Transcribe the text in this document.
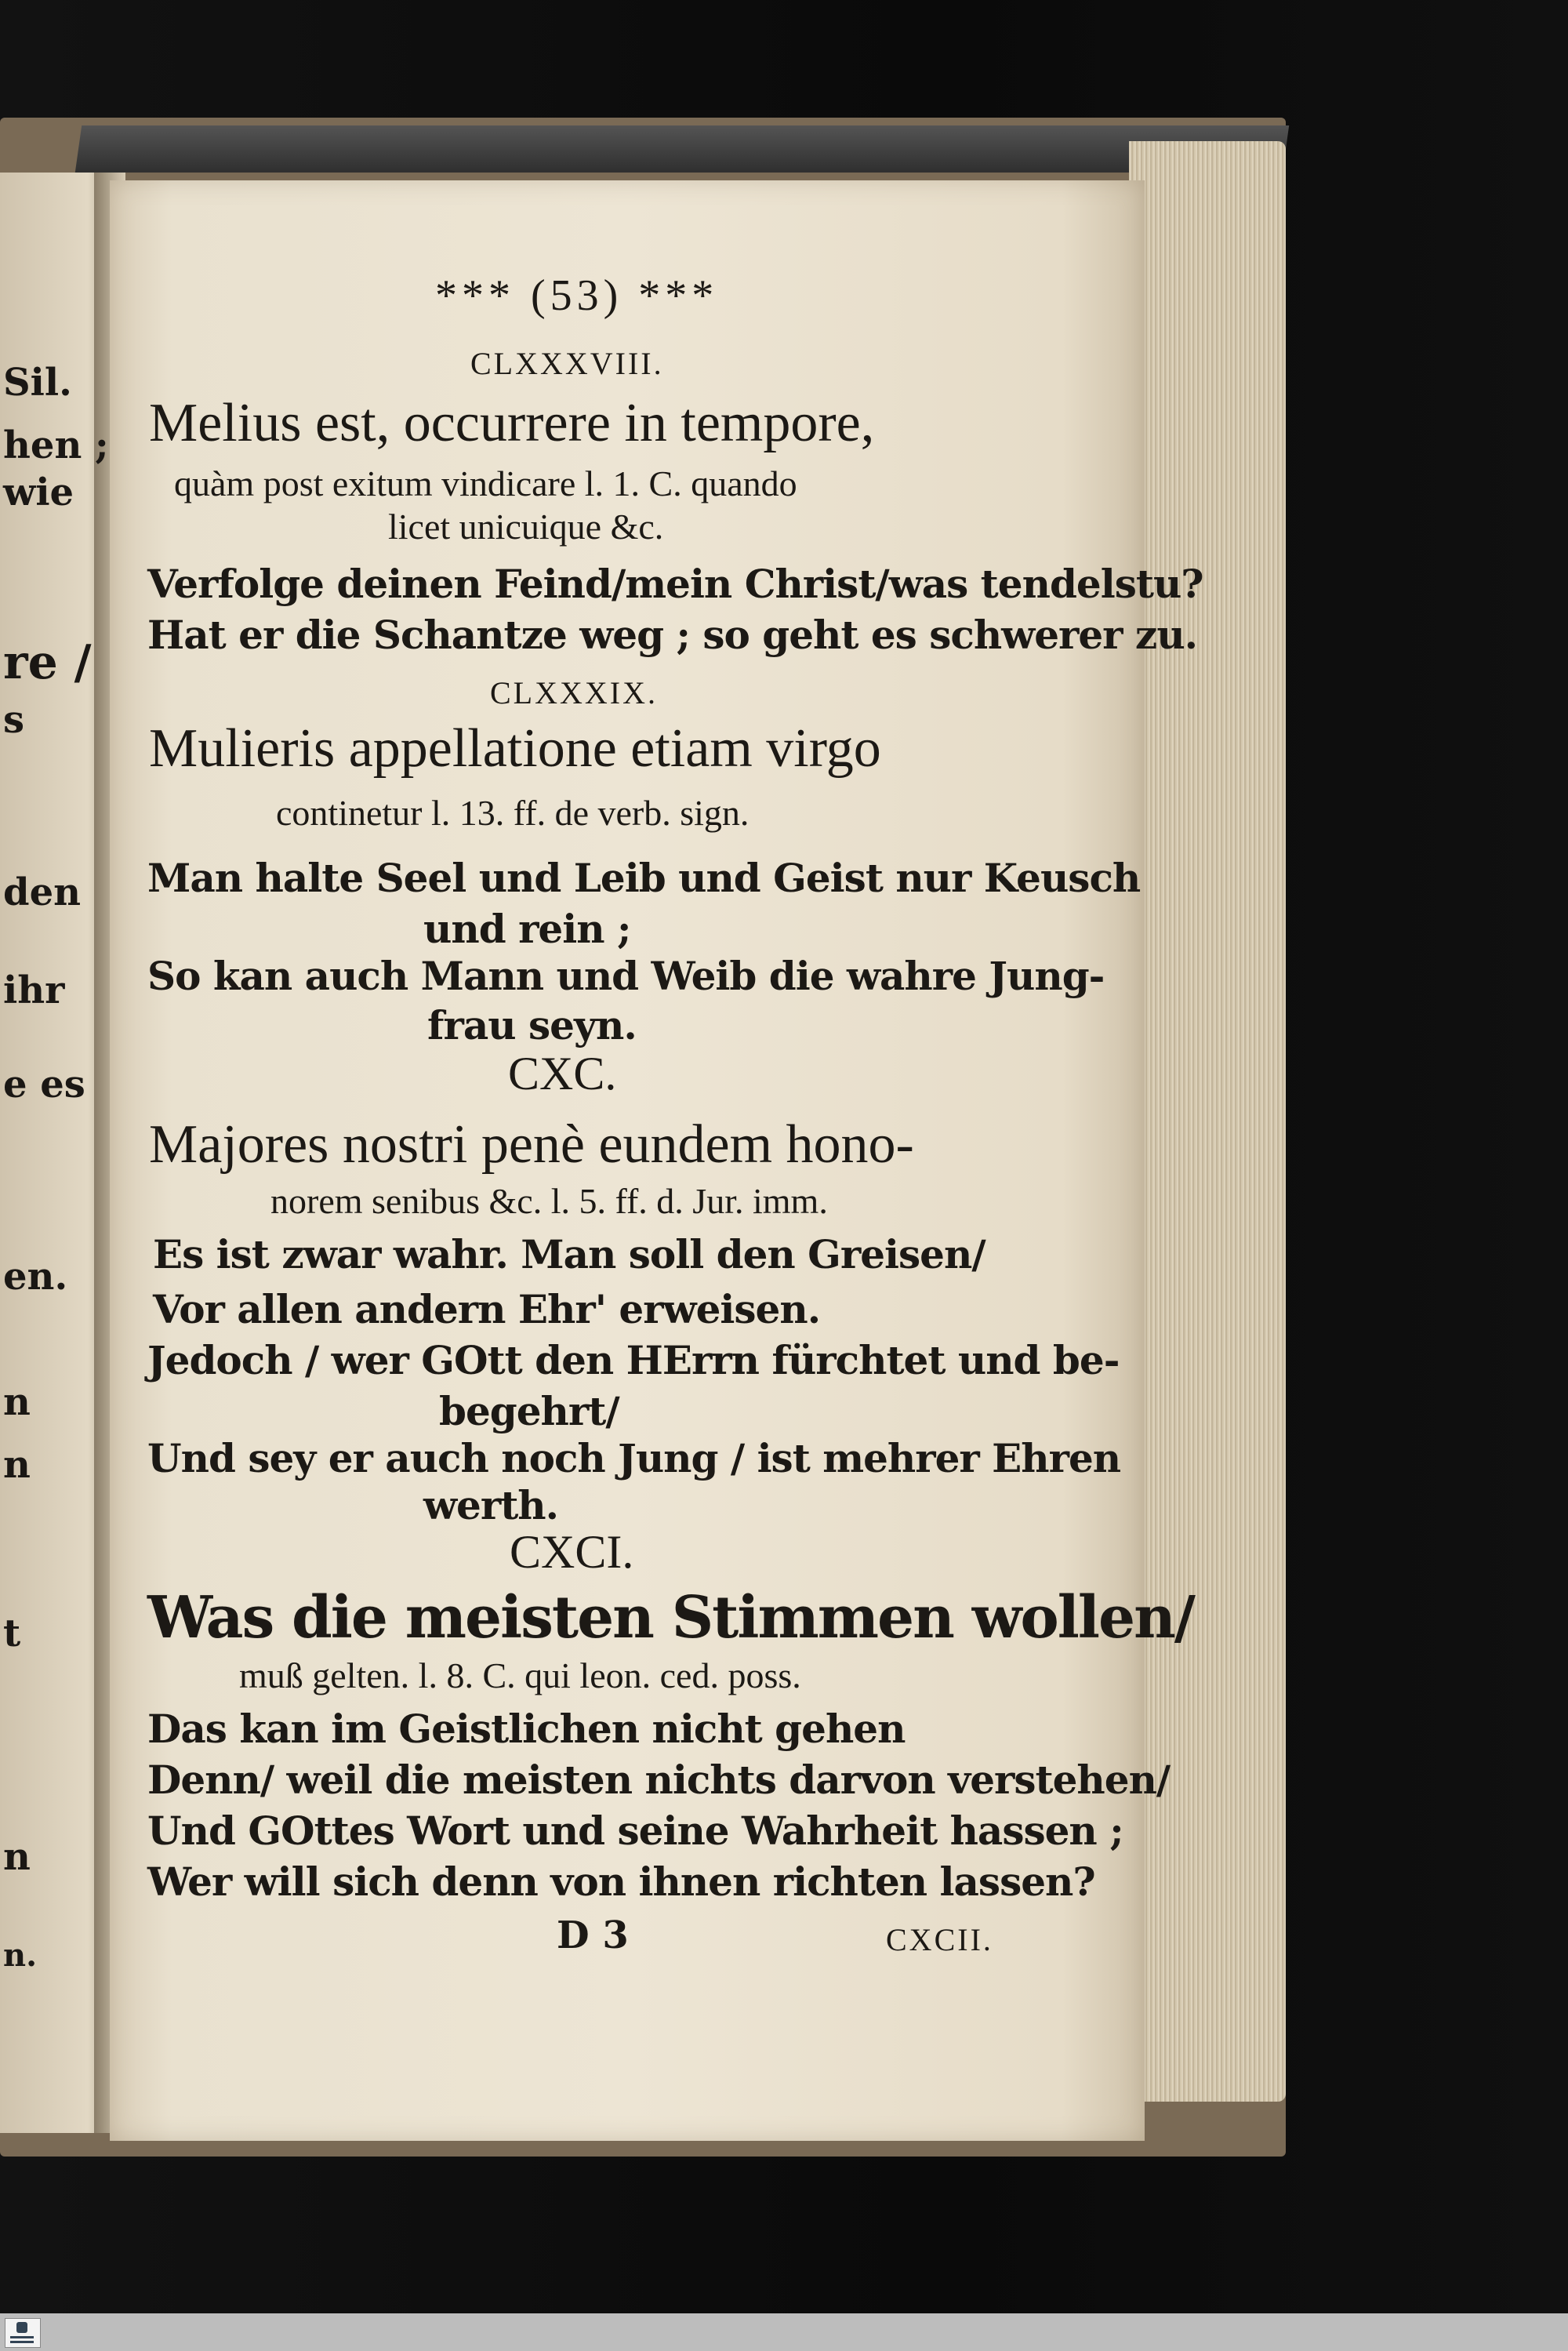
Sil.
hen ;
wie
re /
s
den
ihr
e es
en.
n
n
t
n
n.
*** (53) ***
CLXXXVIII.
Melius est, occurrere in tempore,
quàm post exitum vindicare l. 1. C. quando
licet unicuique &c.
Verfolge deinen Feind/mein Christ/was tendelstu?
Hat er die Schantze weg ; so geht es schwerer zu.
CLXXXIX.
Mulieris appellatione etiam virgo
continetur l. 13. ff. de verb. sign.
Man halte Seel und Leib und Geist nur Keusch
und rein ;
So kan auch Mann und Weib die wahre Jung-
frau seyn.
CXC.
Majores nostri penè eundem hono-
norem senibus &c. l. 5. ff. d. Jur. imm.
Es ist zwar wahr. Man soll den Greisen/
Vor allen andern Ehr' erweisen.
Jedoch / wer GOtt den HErrn fürchtet und be-
begehrt/
Und sey er auch noch Jung / ist mehrer Ehren
werth.
CXCI.
Was die meisten Stimmen wollen/
muß gelten. l. 8. C. qui leon. ced. poss.
Das kan im Geistlichen nicht gehen
Denn/ weil die meisten nichts darvon verstehen/
Und GOttes Wort und seine Wahrheit hassen ;
Wer will sich denn von ihnen richten lassen?
D 3	CXCII.
